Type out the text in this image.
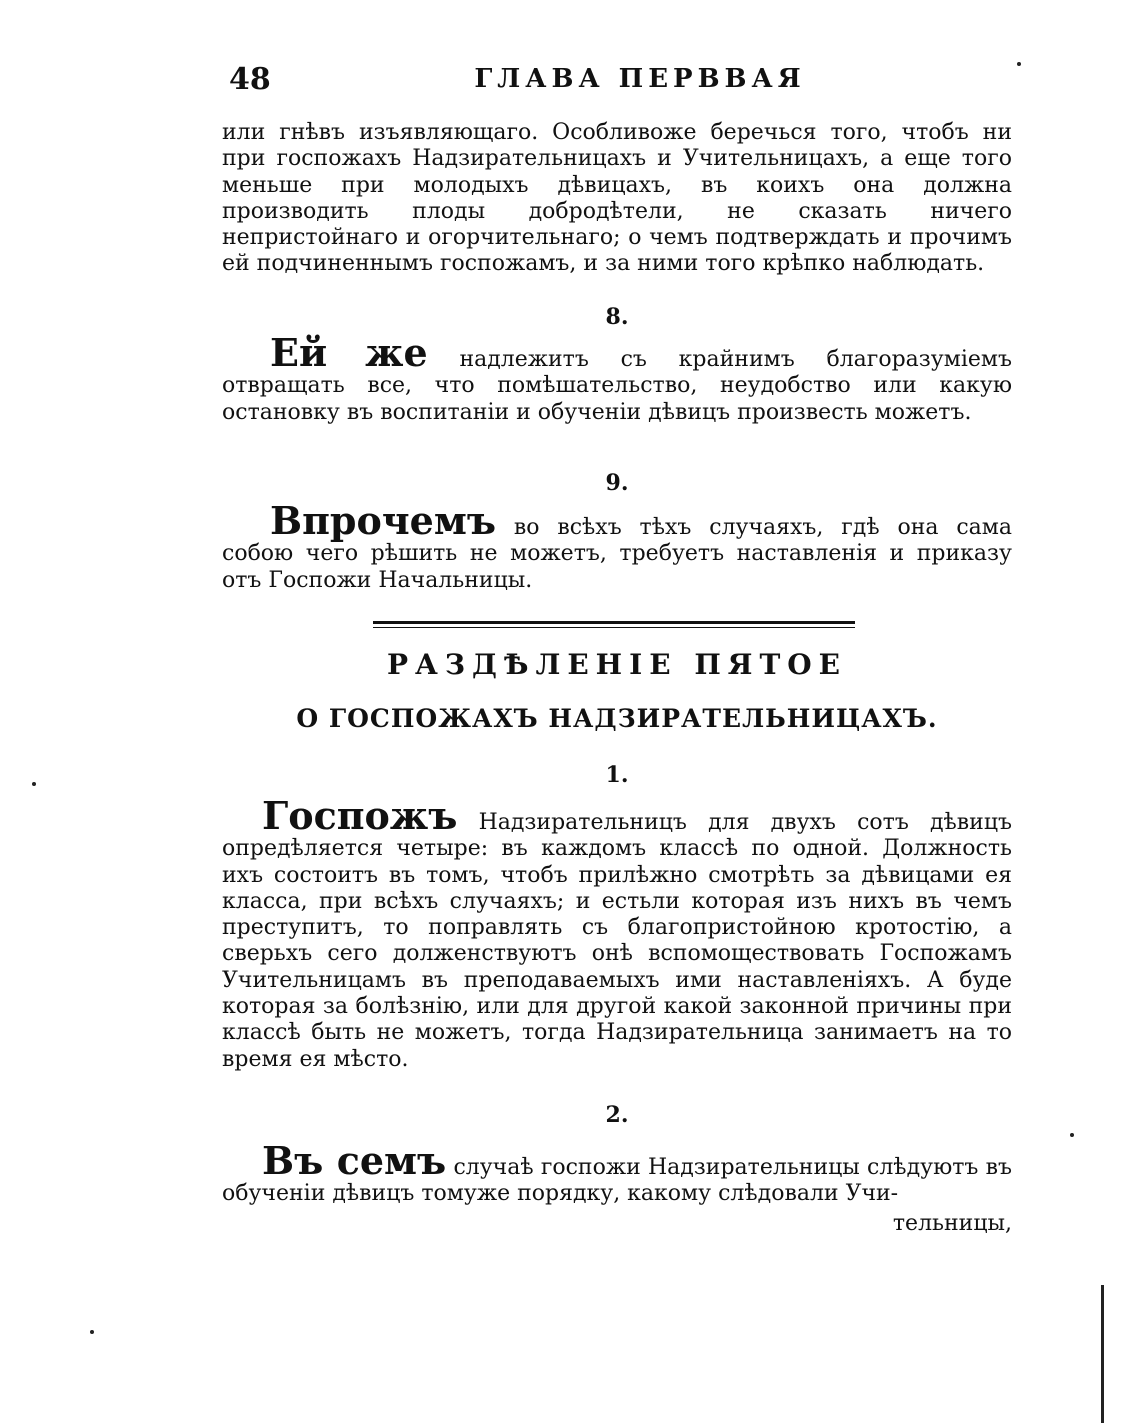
48	ГЛАВА ПЕРВВАЯ
или гнѣвъ изъявляющаго. Особливоже беречься того, чтобъ ни при госпожахъ Надзирательницахъ и Учительницахъ, а еще того меньше при молодыхъ дѣвицахъ, въ коихъ она должна производить плоды добродѣтели, не сказать ничего непристойнаго и огорчительнаго; о чемъ подтверждать и прочимъ ей подчиненнымъ госпожамъ, и за ними того крѣпко наблюдать.
8.
Ей же надлежитъ съ крайнимъ благоразуміемъ отвращать все, что помѣшательство, неудобство или какую остановку въ воспитаніи и обученіи дѣвицъ произвесть можетъ.
9.
Впрочемъ во всѣхъ тѣхъ случаяхъ, гдѣ она сама собою чего рѣшить не можетъ, требуетъ наставленія и приказу отъ Госпожи Начальницы.
РАЗДѢЛЕНІЕ ПЯТОЕ
О ГОСПОЖАХЪ НАДЗИРАТЕЛЬНИЦАХЪ.
1.
Госпожъ Надзирательницъ для двухъ сотъ дѣвицъ опредѣляется четыре: въ каждомъ классѣ по одной. Должность ихъ состоитъ въ томъ, чтобъ прилѣжно смотрѣть за дѣвицами ея класса, при всѣхъ случаяхъ; и естьли которая изъ нихъ въ чемъ преступитъ, то поправлять съ благопристойною кротостію, а сверьхъ сего долженствуютъ онѣ вспомоществовать Госпожамъ Учительницамъ въ преподаваемыхъ ими наставленіяхъ. А буде которая за болѣзнію, или для другой какой законной причины при классѣ быть не можетъ, тогда Надзирательница занимаетъ на то время ея мѣсто.
2.
Въ семъ случаѣ госпожи Надзирательницы слѣдуютъ въ обученіи дѣвицъ томуже порядку, какому слѣдовали Учи-
тельницы,
